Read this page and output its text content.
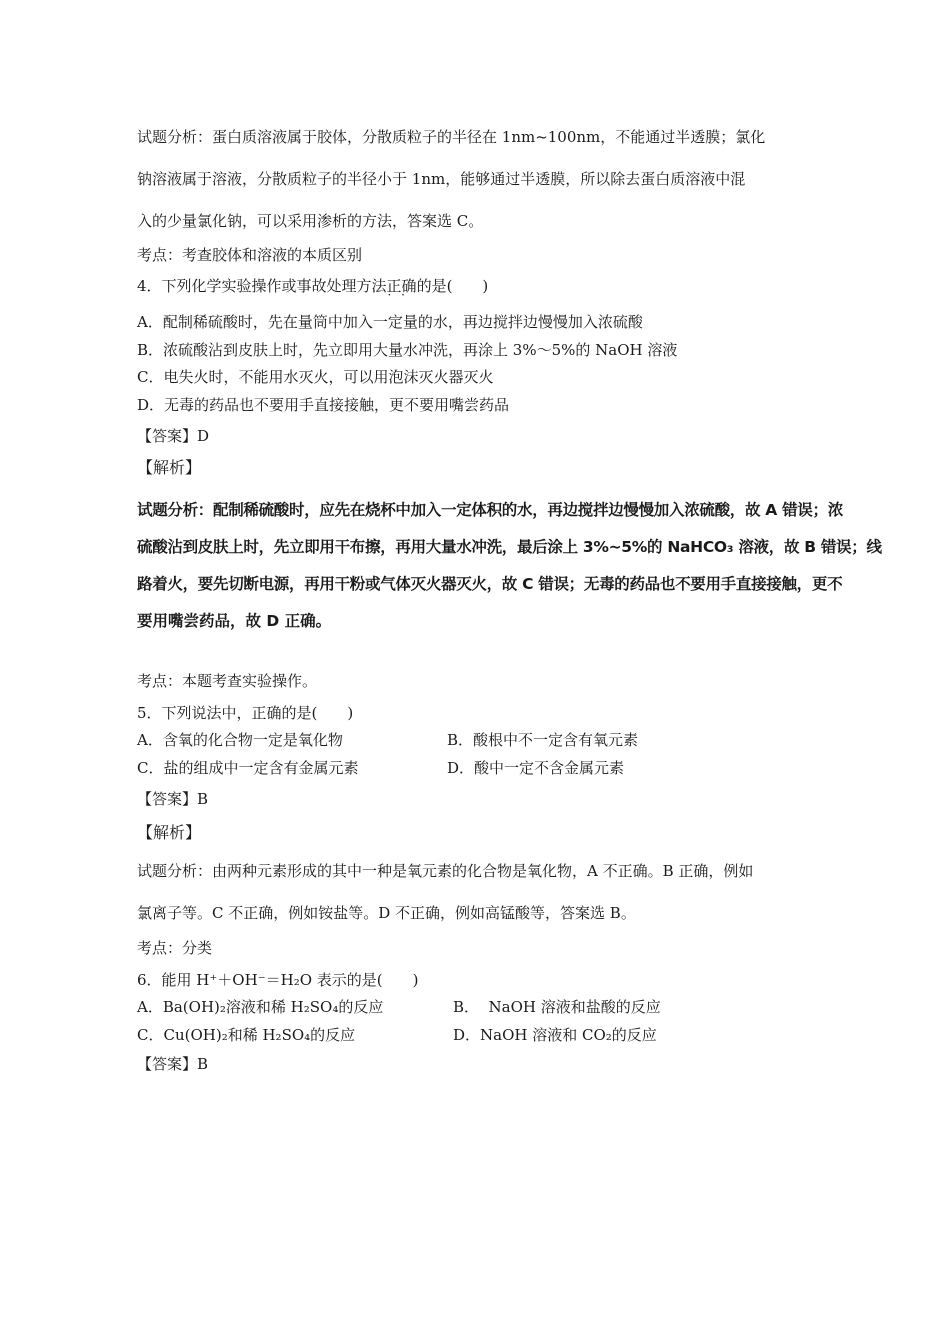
试题分析：蛋白质溶液属于胶体，分散质粒子的半径在 1nm~100nm，不能通过半透膜；氯化
钠溶液属于溶液，分散质粒子的半径小于 1nm，能够通过半透膜，所以除去蛋白质溶液中混
入的少量氯化钠，可以采用渗析的方法，答案选 C。
考点：考查胶体和溶液的本质区别
4．下列化学实验操作或事故处理方法正确 · ·的是(　　)
A．配制稀硫酸时，先在量筒中加入一定量的水，再边搅拌边慢慢加入浓硫酸
B．浓硫酸沾到皮肤上时，先立即用大量水冲洗，再涂上 3%～5%的 NaOH 溶液
C．电失火时，不能用水灭火，可以用泡沫灭火器灭火
D．无毒的药品也不要用手直接接触，更不要用嘴尝药品
【答案】D
【解析】
试题分析：配制稀硫酸时，应先在烧杯中加入一定体积的水，再边搅拌边慢慢加入浓硫酸，故 A 错误；浓
硫酸沾到皮肤上时，先立即用干布擦，再用大量水冲洗，最后涂上 3%~5%的 NaHCO₃ 溶液，故 B 错误；线
路着火，要先切断电源，再用干粉或气体灭火器灭火，故 C 错误；无毒的药品也不要用手直接接触，更不
要用嘴尝药品，故 D 正确。
考点：本题考查实验操作。
5．下列说法中，正确的是(　　)
A．含氧的化合物一定是氧化物	B．酸根中不一定含有氧元素
C．盐的组成中一定含有金属元素	D．酸中一定不含金属元素
【答案】B
【解析】
试题分析：由两种元素形成的其中一种是氧元素的化合物是氧化物，A 不正确。B 正确，例如
氯离子等。C 不正确，例如铵盐等。D 不正确，例如高锰酸等，答案选 B。
考点：分类
6．能用 H⁺＋OH⁻＝H₂O 表示的是(　　)
A．Ba(OH)₂溶液和稀 H₂SO₄的反应	B．  NaOH 溶液和盐酸的反应
C．Cu(OH)₂和稀 H₂SO₄的反应	D．NaOH 溶液和 CO₂的反应
【答案】B
